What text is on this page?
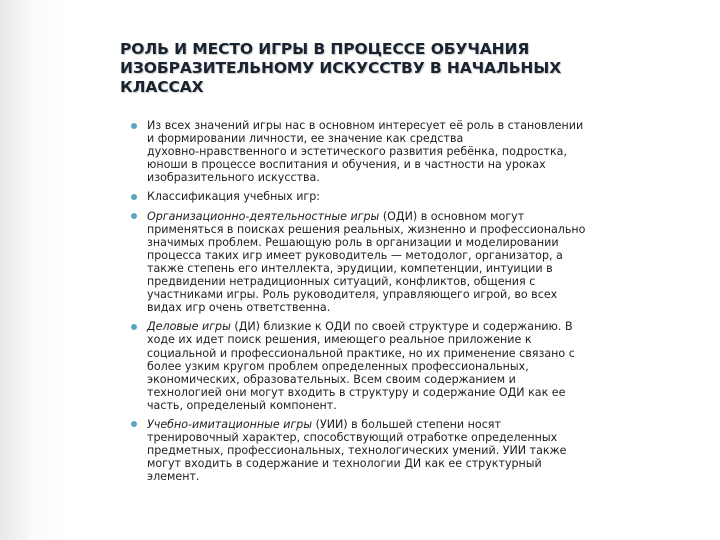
РОЛЬ И МЕСТО ИГРЫ В ПРОЦЕССЕ ОБУЧАНИЯ
ИЗОБРАЗИТЕЛЬНОМУ ИСКУССТВУ В НАЧАЛЬНЫХ
КЛАССАХ
Из всех значений игры нас в основном интересует её роль в становлении
и формировании личности, ее значение как средства
духовно-нравственного и эстетического развития ребёнка, подростка,
юноши в процессе воспитания и обучения, и в частности на уроках
изобразительного искусства.
Классификация учебных игр:
Организационно-деятельностные игры (ОДИ) в основном могут
применяться в поисках решения реальных, жизненно и профессионально
значимых проблем. Решающую роль в организации и моделировании
процесса таких игр имеет руководитель — методолог, организатор, а
также степень его интеллекта, эрудиции, компетенции, интуиции в
предвидении нетрадиционных ситуаций, конфликтов, общения с
участниками игры. Роль руководителя, управляющего игрой, во всех
видах игр очень ответственна.
Деловые игры (ДИ) близкие к ОДИ по своей структуре и содержанию. В
ходе их идет поиск решения, имеющего реальное приложение к
социальной и профессиональной практике, но их применение связано с
более узким кругом проблем определенных профессиональных,
экономических, образовательных. Всем своим содержанием и
технологией они могут входить в структуру и содержание ОДИ как ее
часть, определеный компонент.
Учебно-имитационные игры (УИИ) в большей степени носят
тренировочный характер, способствующий отработке определенных
предметных, профессиональных, технологических умений. УИИ также
могут входить в содержание и технологии ДИ как ее структурный
элемент.
